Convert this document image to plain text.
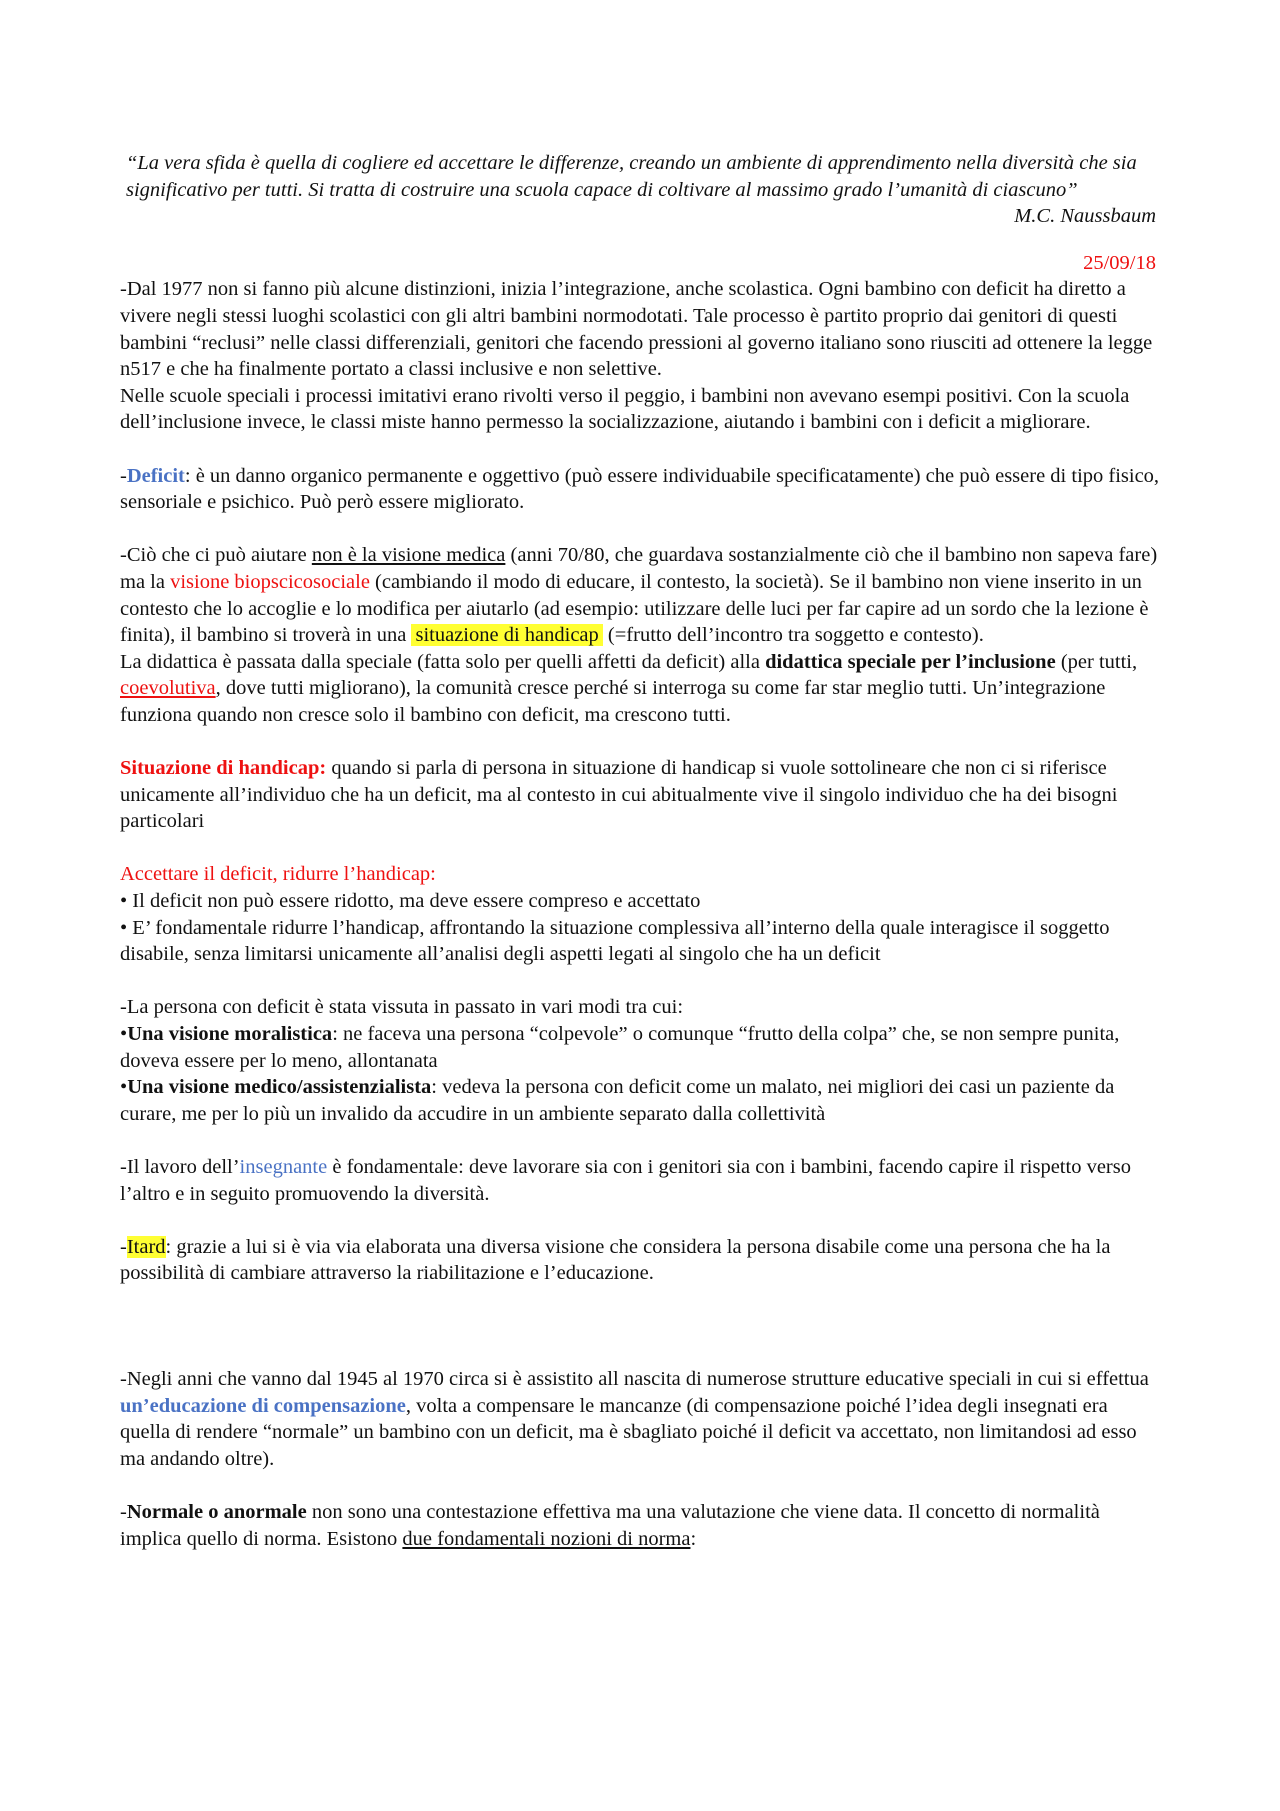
“La vera sfida è quella di cogliere ed accettare le differenze, creando un ambiente di apprendimento nella diversità che sia significativo per tutti. Si tratta di costruire una scuola capace di coltivare al massimo grado l’umanità di ciascuno”

M.C. Naussbaum

25/09/18

-Dal 1977 non si fanno più alcune distinzioni, inizia l’integrazione, anche scolastica. Ogni bambino con deficit ha diretto a vivere negli stessi luoghi scolastici con gli altri bambini normodotati. Tale processo è partito proprio dai genitori di questi bambini “reclusi” nelle classi differenziali, genitori che facendo pressioni al governo italiano sono riusciti ad ottenere la legge n517 e che ha finalmente portato a classi inclusive e non selettive.

Nelle scuole speciali i processi imitativi erano rivolti verso il peggio, i bambini non avevano esempi positivi. Con la scuola dell’inclusione invece, le classi miste hanno permesso la socializzazione, aiutando i bambini con i deficit a migliorare.

-Deficit: è un danno organico permanente e oggettivo (può essere individuabile specificatamente) che può essere di tipo fisico, sensoriale e psichico. Può però essere migliorato.

-Ciò che ci può aiutare non è la visione medica (anni 70/80, che guardava sostanzialmente ciò che il bambino non sapeva fare) ma la visione biopscicosociale (cambiando il modo di educare, il contesto, la società). Se il bambino non viene inserito in un contesto che lo accoglie e lo modifica per aiutarlo (ad esempio: utilizzare delle luci per far capire ad un sordo che la lezione è finita), il bambino si troverà in una situazione di handicap (=frutto dell’incontro tra soggetto e contesto).

La didattica è passata dalla speciale (fatta solo per quelli affetti da deficit) alla didattica speciale per l’inclusione (per tutti, coevolutiva, dove tutti migliorano), la comunità cresce perché si interroga su come far star meglio tutti. Un’integrazione funziona quando non cresce solo il bambino con deficit, ma crescono tutti.

Situazione di handicap: quando si parla di persona in situazione di handicap si vuole sottolineare che non ci si riferisce unicamente all’individuo che ha un deficit, ma al contesto in cui abitualmente vive il singolo individuo che ha dei bisogni particolari

Accettare il deficit, ridurre l’handicap:

• Il deficit non può essere ridotto, ma deve essere compreso e accettato

• E’ fondamentale ridurre l’handicap, affrontando la situazione complessiva all’interno della quale interagisce il soggetto disabile, senza limitarsi unicamente all’analisi degli aspetti legati al singolo che ha un deficit

-La persona con deficit è stata vissuta in passato in vari modi tra cui:

•Una visione moralistica: ne faceva una persona “colpevole” o comunque “frutto della colpa” che, se non sempre punita, doveva essere per lo meno, allontanata

•Una visione medico/assistenzialista: vedeva la persona con deficit come un malato, nei migliori dei casi un paziente da curare, me per lo più un invalido da accudire in un ambiente separato dalla collettività

-Il lavoro dell’insegnante è fondamentale: deve lavorare sia con i genitori sia con i bambini, facendo capire il rispetto verso l’altro e in seguito promuovendo la diversità.

-Itard: grazie a lui si è via via elaborata una diversa visione che considera la persona disabile come una persona che ha la possibilità di cambiare attraverso la riabilitazione e l’educazione.

-Negli anni che vanno dal 1945 al 1970 circa si è assistito all nascita di numerose strutture educative speciali in cui si effettua un’educazione di compensazione, volta a compensare le mancanze (di compensazione poiché l’idea degli insegnati era quella di rendere “normale” un bambino con un deficit, ma è sbagliato poiché il deficit va accettato, non limitandosi ad esso ma andando oltre).

-Normale o anormale non sono una contestazione effettiva ma una valutazione che viene data. Il concetto di normalità implica quello di norma. Esistono due fondamentali nozioni di norma:
